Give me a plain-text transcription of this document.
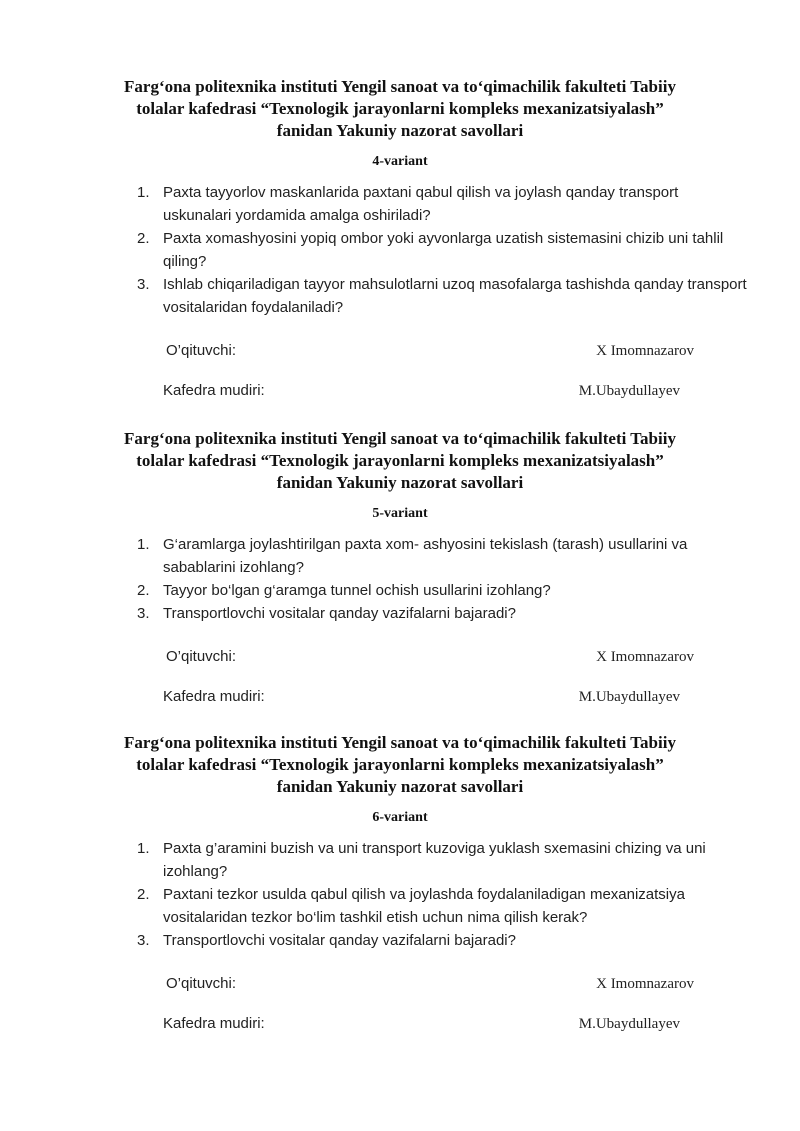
Farg‘ona politexnika instituti Yengil sanoat va to‘qimachilik fakulteti Tabiiy
tolalar kafedrasi “Texnologik jarayonlarni kompleks mexanizatsiyalash”
fanidan Yakuniy nazorat savollari
4-variant
1. Paxta tayyorlov maskanlarida paxtani qabul qilish va joylash qanday transport uskunalari yordamida amalga oshiriladi?
2. Paxta xomashyosini yopiq ombor yoki ayvonlarga uzatish sistemasini chizib uni tahlil qiling?
3. Ishlab chiqariladigan tayyor mahsulotlarni uzoq masofalarga tashishda qanday transport vositalaridan foydalaniladi?
O’qituvchi:	X Imomnazarov
Kafedra mudiri:	M.Ubaydullayev
Farg‘ona politexnika instituti Yengil sanoat va to‘qimachilik fakulteti Tabiiy
tolalar kafedrasi “Texnologik jarayonlarni kompleks mexanizatsiyalash”
fanidan Yakuniy nazorat savollari
5-variant
1. G‘aramlarga joylashtirilgan paxta xom- ashyosini tekislash (tarash) usullarini va sabablarini izohlang?
2. Tayyor bo‘lgan g‘aramga tunnel ochish usullarini izohlang?
3. Transportlovchi vositalar qanday vazifalarni bajaradi?
O’qituvchi:	X Imomnazarov
Kafedra mudiri:	M.Ubaydullayev
Farg‘ona politexnika instituti Yengil sanoat va to‘qimachilik fakulteti Tabiiy
tolalar kafedrasi “Texnologik jarayonlarni kompleks mexanizatsiyalash”
fanidan Yakuniy nazorat savollari
6-variant
1. Paxta g’aramini buzish va uni transport kuzoviga yuklash sxemasini chizing va uni izohlang?
2. Paxtani tezkor usulda qabul qilish va joylashda foydalaniladigan mexanizatsiya vositalaridan tezkor bo‘lim tashkil etish uchun nima qilish kerak?
3. Transportlovchi vositalar qanday vazifalarni bajaradi?
O’qituvchi:	X Imomnazarov
Kafedra mudiri:	M.Ubaydullayev
